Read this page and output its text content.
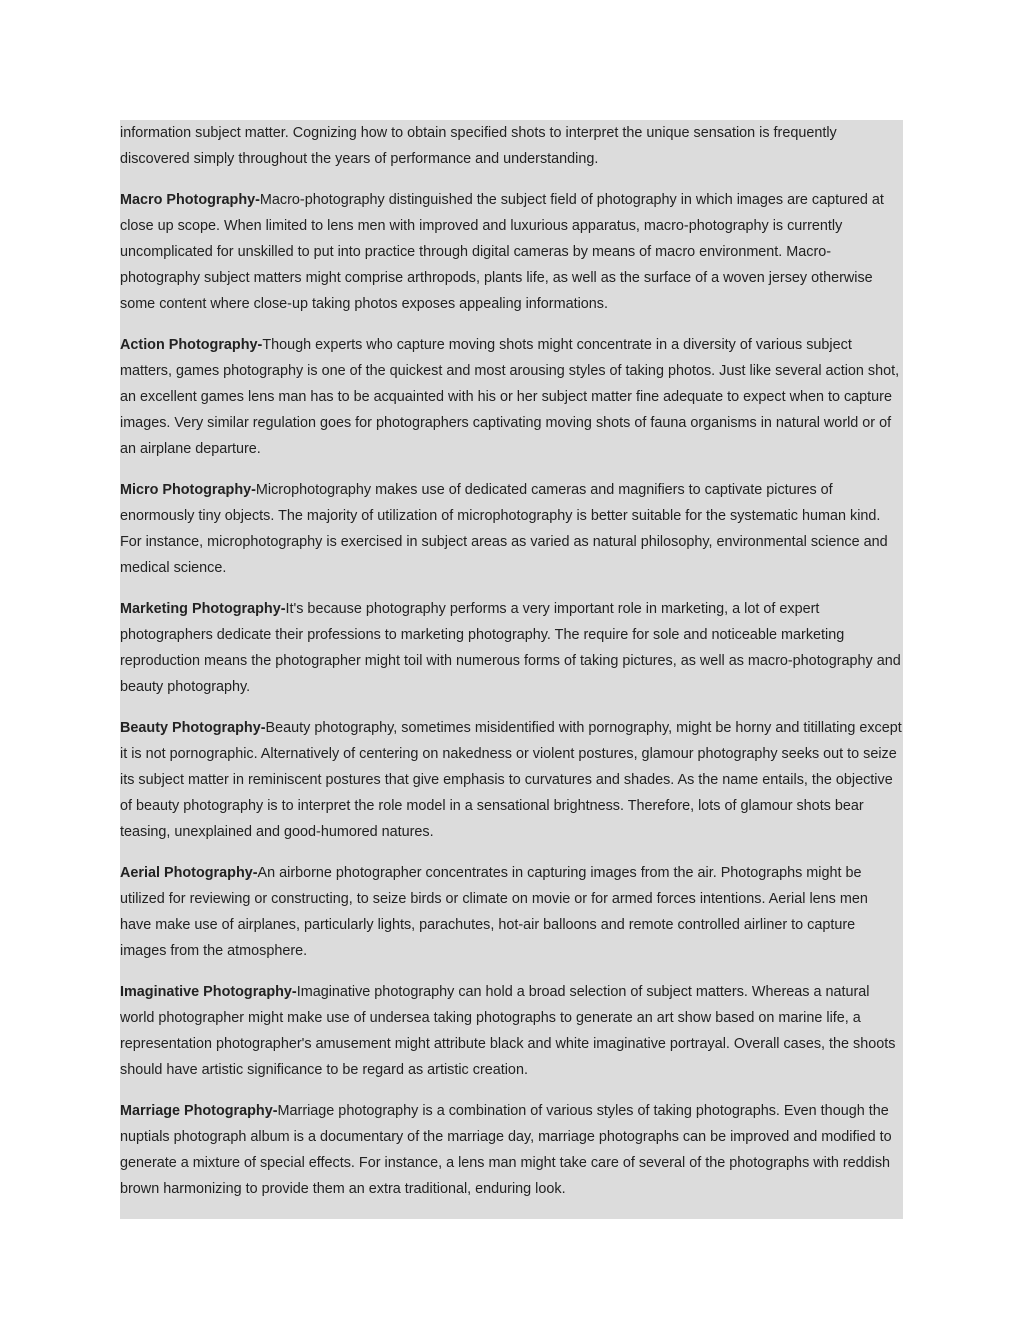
information subject matter. Cognizing how to obtain specified shots to interpret the unique sensation is frequently discovered simply throughout the years of performance and understanding.

Macro Photography-Macro-photography distinguished the subject field of photography in which images are captured at close up scope. When limited to lens men with improved and luxurious apparatus, macro-photography is currently uncomplicated for unskilled to put into practice through digital cameras by means of macro environment. Macro-photography subject matters might comprise arthropods, plants life, as well as the surface of a woven jersey otherwise some content where close-up taking photos exposes appealing informations.

Action Photography-Though experts who capture moving shots might concentrate in a diversity of various subject matters, games photography is one of the quickest and most arousing styles of taking photos. Just like several action shot, an excellent games lens man has to be acquainted with his or her subject matter fine adequate to expect when to capture images. Very similar regulation goes for photographers captivating moving shots of fauna organisms in natural world or of an airplane departure.

Micro Photography-Microphotography makes use of dedicated cameras and magnifiers to captivate pictures of enormously tiny objects. The majority of utilization of microphotography is better suitable for the systematic human kind. For instance, microphotography is exercised in subject areas as varied as natural philosophy, environmental science and medical science.

Marketing Photography-It's because photography performs a very important role in marketing, a lot of expert photographers dedicate their professions to marketing photography. The require for sole and noticeable marketing reproduction means the photographer might toil with numerous forms of taking pictures, as well as macro-photography and beauty photography.

Beauty Photography-Beauty photography, sometimes misidentified with pornography, might be horny and titillating except it is not pornographic. Alternatively of centering on nakedness or violent postures, glamour photography seeks out to seize its subject matter in reminiscent postures that give emphasis to curvatures and shades. As the name entails, the objective of beauty photography is to interpret the role model in a sensational brightness. Therefore, lots of glamour shots bear teasing, unexplained and good-humored natures.

Aerial Photography-An airborne photographer concentrates in capturing images from the air. Photographs might be utilized for reviewing or constructing, to seize birds or climate on movie or for armed forces intentions. Aerial lens men have make use of airplanes, particularly lights, parachutes, hot-air balloons and remote controlled airliner to capture images from the atmosphere.

Imaginative Photography-Imaginative photography can hold a broad selection of subject matters. Whereas a natural world photographer might make use of undersea taking photographs to generate an art show based on marine life, a representation photographer's amusement might attribute black and white imaginative portrayal. Overall cases, the shoots should have artistic significance to be regard as artistic creation.

Marriage Photography-Marriage photography is a combination of various styles of taking photographs. Even though the nuptials photograph album is a documentary of the marriage day, marriage photographs can be improved and modified to generate a mixture of special effects. For instance, a lens man might take care of several of the photographs with reddish brown harmonizing to provide them an extra traditional, enduring look.
